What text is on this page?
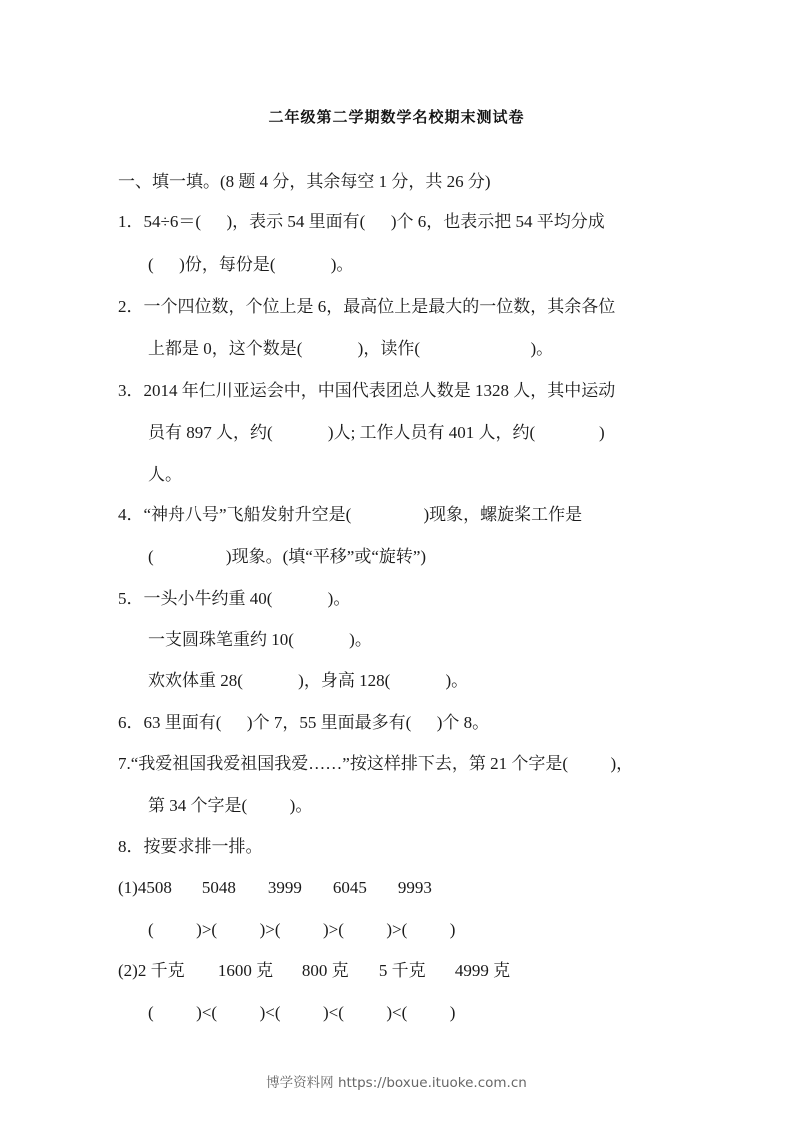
二年级第二学期数学名校期末测试卷
一、填一填。(8 题 4 分，其余每空 1 分，共 26 分)
1．54÷6＝(      )，表示 54 里面有(      )个 6，也表示把 54 平均分成
(      )份，每份是(             )。
2．一个四位数，个位上是 6，最高位上是最大的一位数，其余各位
上都是 0，这个数是(             )，读作(                          )。
3．2014 年仁川亚运会中，中国代表团总人数是 1328 人，其中运动
员有 897 人，约(             )人; 工作人员有 401 人，约(               )
人。
4．“神舟八号”飞船发射升空是(                 )现象，螺旋桨工作是
(                 )现象。(填“平移”或“旋转”)
5．一头小牛约重 40(             )。
一支圆珠笔重约 10(             )。
欢欢体重 28(             )，身高 128(             )。
6．63 里面有(      )个 7，55 里面最多有(      )个 8。
7.“我爱祖国我爱祖国我爱……”按这样排下去，第 21 个字是(          )，
第 34 个字是(          )。
8．按要求排一排。
(1)4508 5048 3999 6045 9993
(          )>(          )>(          )>(          )>(          )
(2)2 千克 1600 克 800 克 5 千克 4999 克
(          )<(          )<(          )<(          )<(          )
博学资料网 https://boxue.ituoke.com.cn
